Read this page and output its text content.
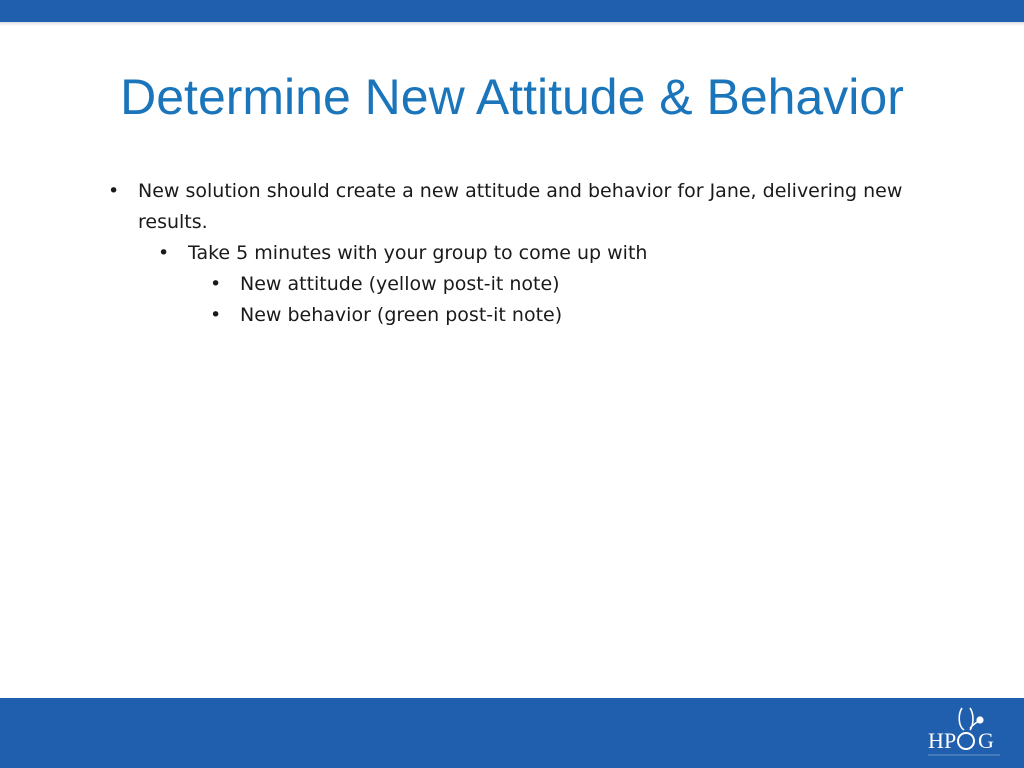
Determine New Attitude & Behavior
• New solution should create a new attitude and behavior for Jane, delivering new results.
• Take 5 minutes with your group to come up with
• New attitude (yellow post-it note)
• New behavior (green post-it note)
H P G
